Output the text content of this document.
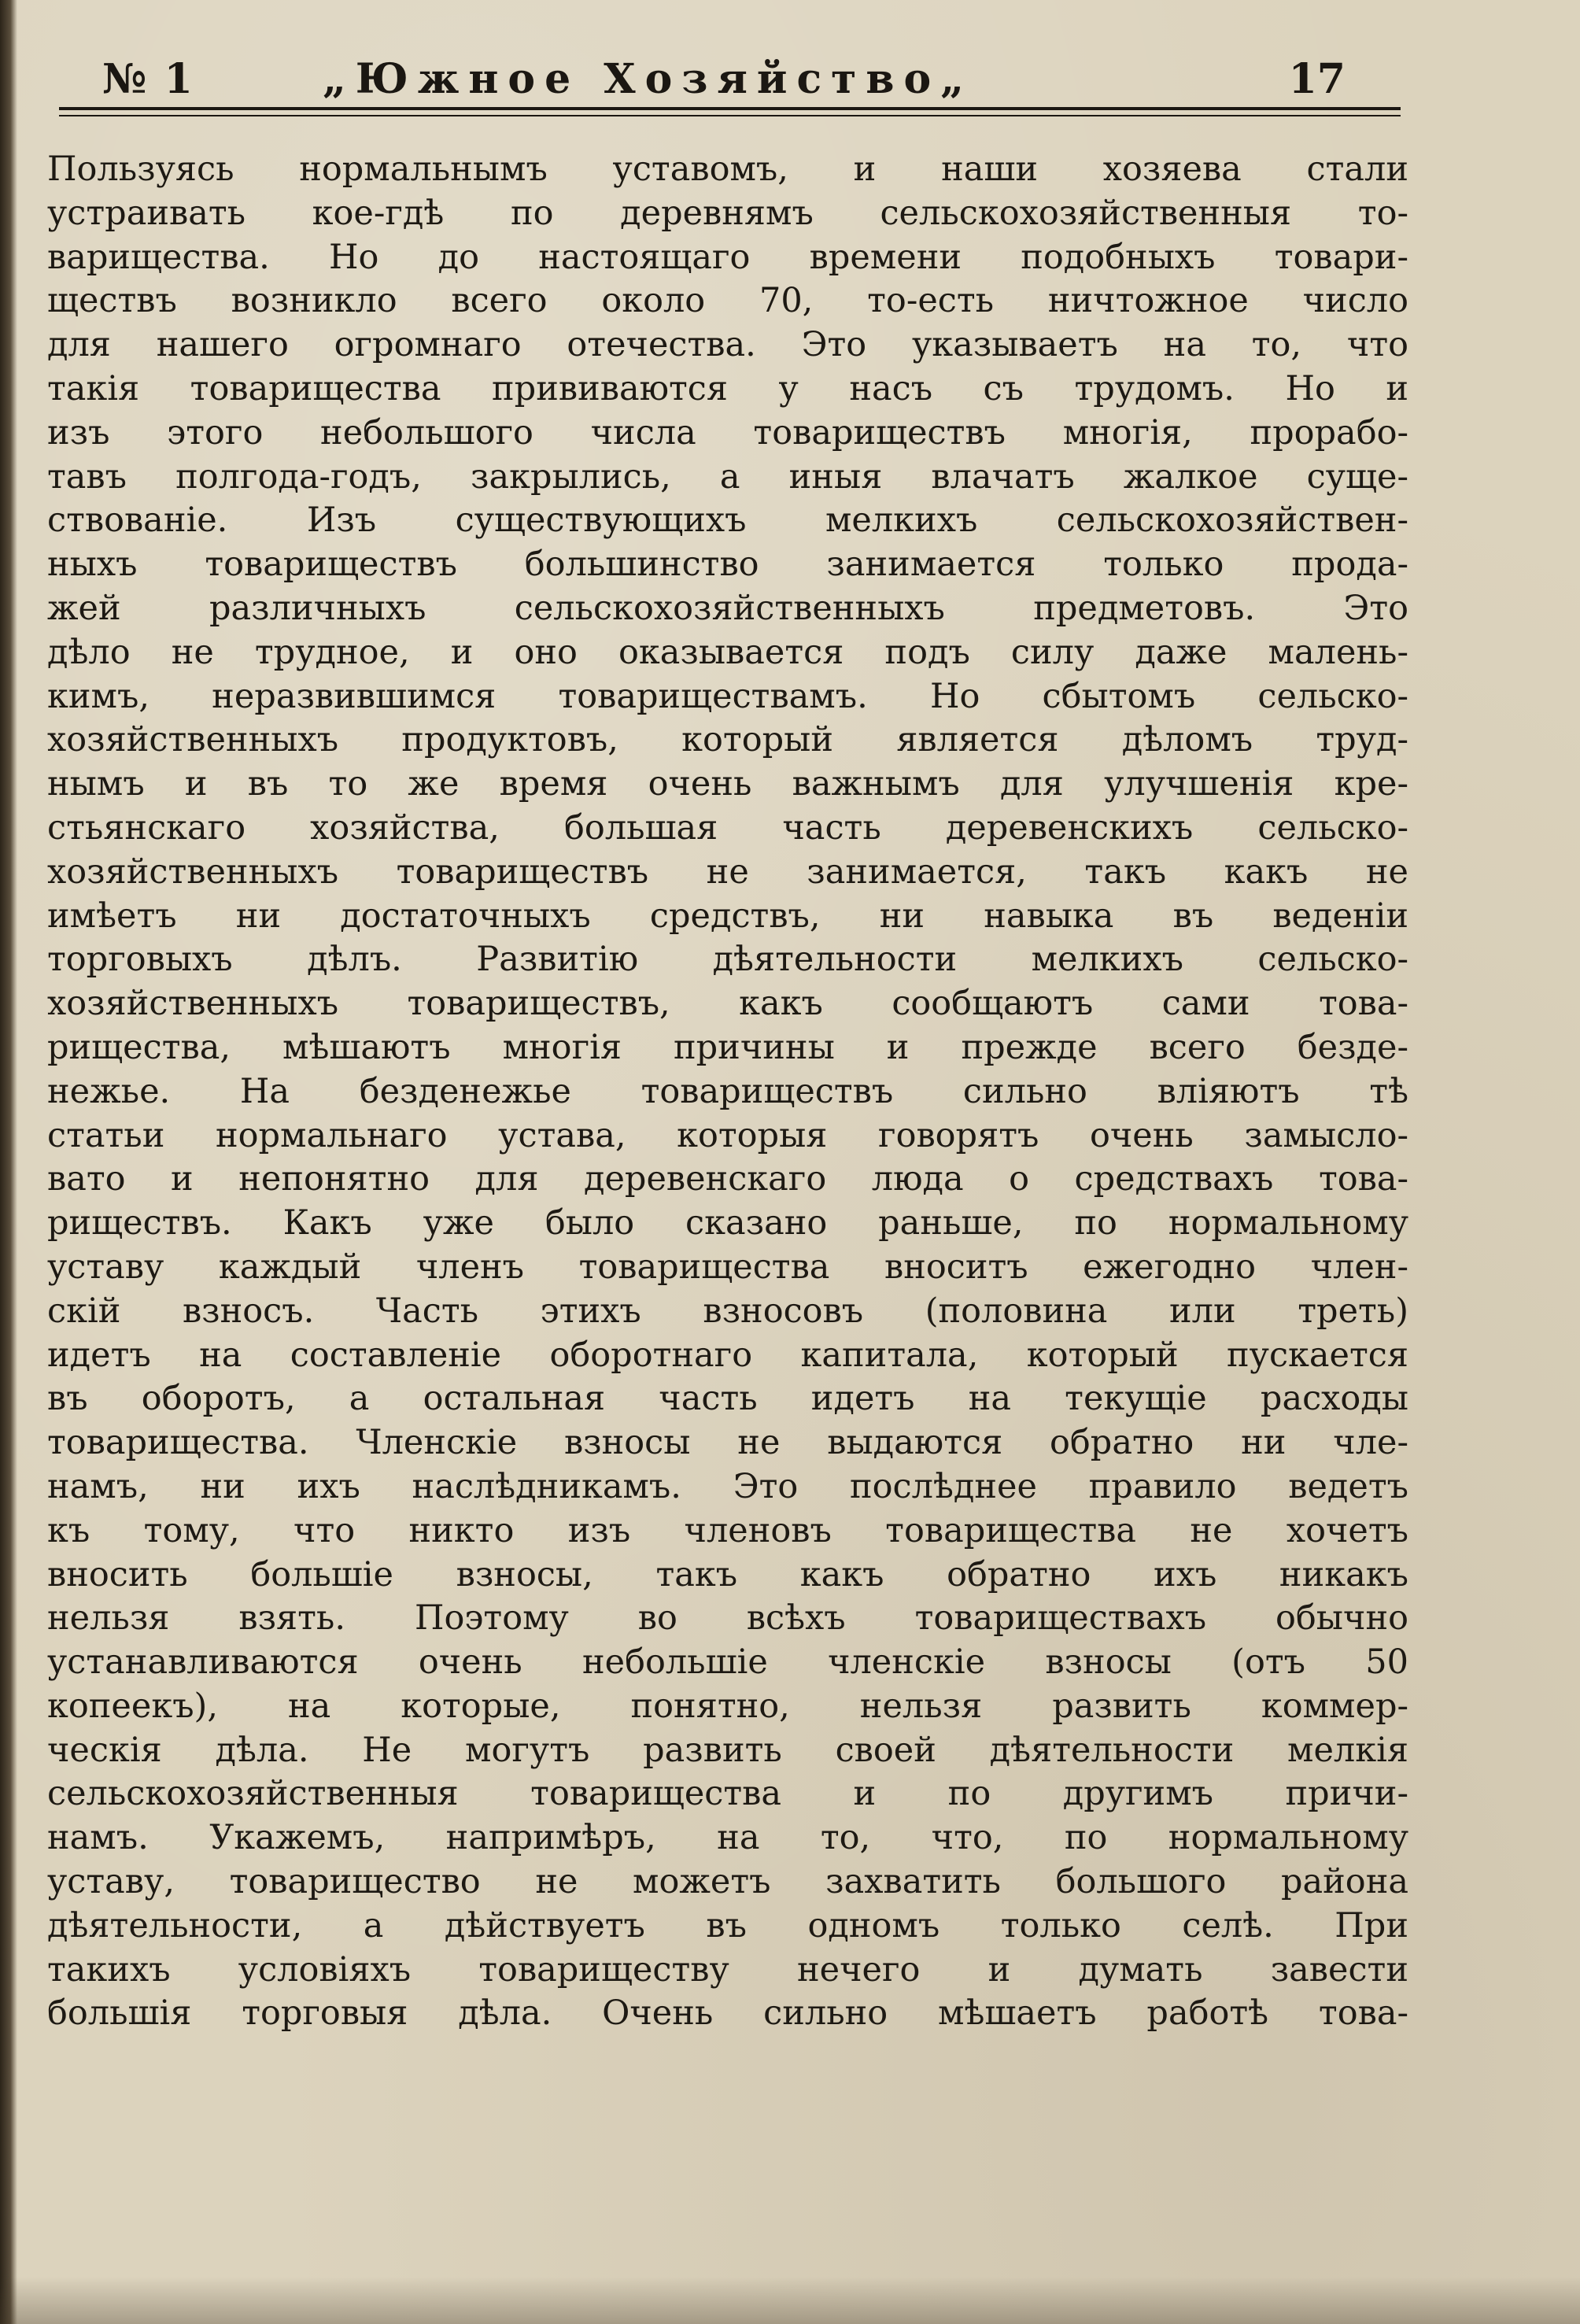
№ 1	„Южное Хозяйство„	17
Пользуясь нормальнымъ уставомъ, и наши хозяева стали
устраивать кое-гдѣ по деревнямъ сельскохозяйственныя то-
варищества. Но до настоящаго времени подобныхъ товари-
ществъ возникло всего около 70, то-есть ничтожное число
для нашего огромнаго отечества. Это указываетъ на то, что
такія товарищества прививаются у насъ съ трудомъ. Но и
изъ этого небольшого числа товариществъ многія, прорабо-
тавъ полгода-годъ, закрылись, а иныя влачатъ жалкое суще-
ствованіе. Изъ существующихъ мелкихъ сельскохозяйствен-
ныхъ товариществъ большинство занимается только прода-
жей различныхъ сельскохозяйственныхъ предметовъ. Это
дѣло не трудное, и оно оказывается подъ силу даже малень-
кимъ, неразвившимся товариществамъ. Но сбытомъ сельско-
хозяйственныхъ продуктовъ, который является дѣломъ труд-
нымъ и въ то же время очень важнымъ для улучшенія кре-
стьянскаго хозяйства, большая часть деревенскихъ сельско-
хозяйственныхъ товариществъ не занимается, такъ какъ не
имѣетъ ни достаточныхъ средствъ, ни навыка въ веденіи
торговыхъ дѣлъ. Развитію дѣятельности мелкихъ сельско-
хозяйственныхъ товариществъ, какъ сообщаютъ сами това-
рищества, мѣшаютъ многія причины и прежде всего безде-
нежье. На безденежье товариществъ сильно вліяютъ тѣ
статьи нормальнаго устава, которыя говорятъ очень замысло-
вато и непонятно для деревенскаго люда о средствахъ това-
риществъ. Какъ уже было сказано раньше, по нормальному
уставу каждый членъ товарищества вноситъ ежегодно член-
скій взносъ. Часть этихъ взносовъ (половина или треть)
идетъ на составленіе оборотнаго капитала, который пускается
въ оборотъ, а остальная часть идетъ на текущіе расходы
товарищества. Членскіе взносы не выдаются обратно ни чле-
намъ, ни ихъ наслѣдникамъ. Это послѣднее правило ведетъ
къ тому, что никто изъ членовъ товарищества не хочетъ
вносить большіе взносы, такъ какъ обратно ихъ никакъ
нельзя взять. Поэтому во всѣхъ товариществахъ обычно
устанавливаются очень небольшіе членскіе взносы (отъ 50
копеекъ), на которые, понятно, нельзя развить коммер-
ческія дѣла. Не могутъ развить своей дѣятельности мелкія
сельскохозяйственныя товарищества и по другимъ причи-
намъ. Укажемъ, напримѣръ, на то, что, по нормальному
уставу, товарищество не можетъ захватить большого района
дѣятельности, а дѣйствуетъ въ одномъ только селѣ. При
такихъ условіяхъ товариществу нечего и думать завести
большія торговыя дѣла. Очень сильно мѣшаетъ работѣ това-
